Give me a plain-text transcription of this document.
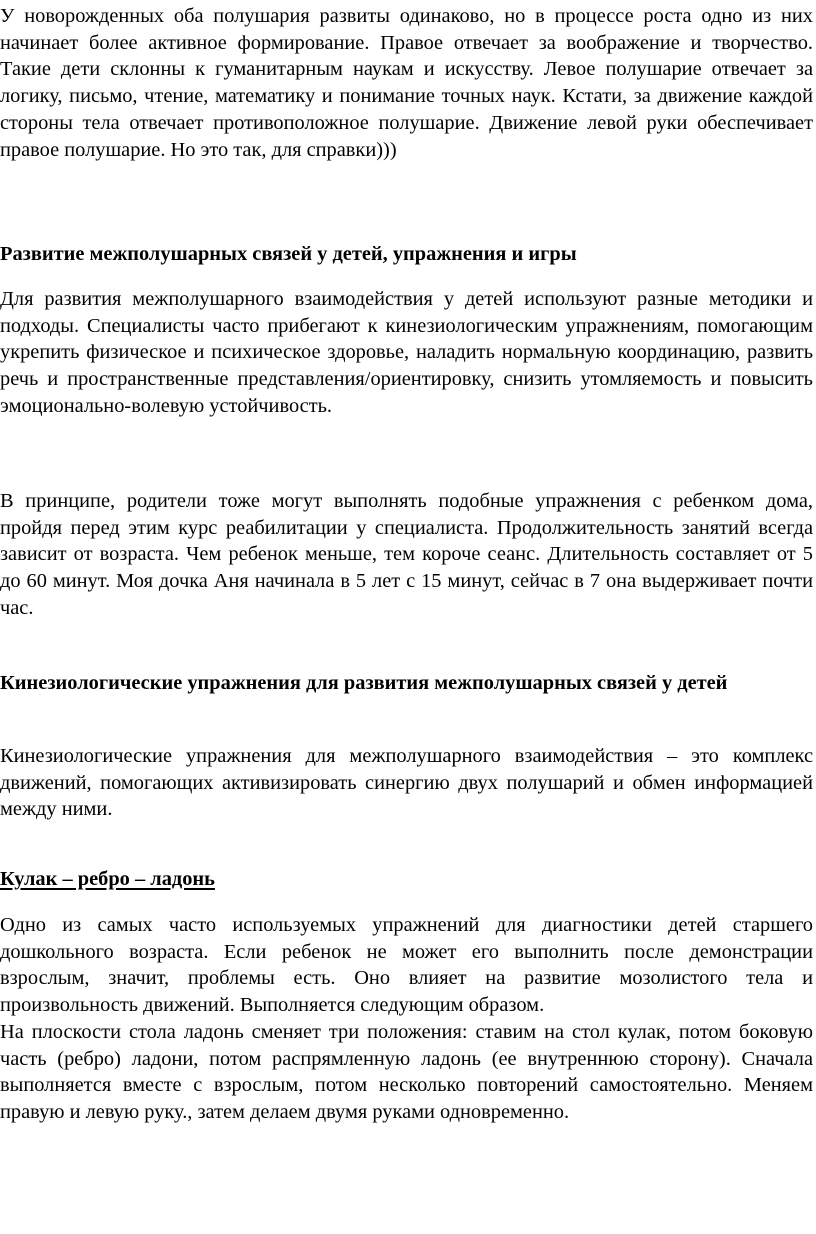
У новорожденных оба полушария развиты одинаково, но в процессе роста одно из них начинает более активное формирование. Правое отвечает за воображение и творчество. Такие дети склонны к гуманитарным наукам и искусству. Левое полушарие отвечает за логику, письмо, чтение, математику и понимание точных наук. Кстати, за движение каждой стороны тела отвечает противоположное полушарие. Движение левой руки обеспечивает правое полушарие. Но это так, для справки)))

Развитие межполушарных связей у детей, упражнения и игры

Для развития межполушарного взаимодействия у детей используют разные методики и подходы. Специалисты часто прибегают к кинезиологическим упражнениям, помогающим укрепить физическое и психическое здоровье, наладить нормальную координацию, развить речь и пространственные представления/ориентировку, снизить утомляемость и повысить эмоционально-волевую устойчивость.

В принципе, родители тоже могут выполнять подобные упражнения с ребенком дома, пройдя перед этим курс реабилитации у специалиста. Продолжительность занятий всегда зависит от возраста. Чем ребенок меньше, тем короче сеанс. Длительность составляет от 5 до 60 минут. Моя дочка Аня начинала в 5 лет с 15 минут, сейчас в 7 она выдерживает почти час.

Кинезиологические упражнения для развития межполушарных связей у детей

Кинезиологические упражнения для межполушарного взаимодействия – это комплекс движений, помогающих активизировать синергию двух полушарий и обмен информацией между ними.

Кулак – ребро – ладонь

Одно из самых часто используемых упражнений для диагностики детей старшего дошкольного возраста. Если ребенок не может его выполнить после демонстрации взрослым, значит, проблемы есть. Оно влияет на развитие мозолистого тела и произвольность движений. Выполняется следующим образом.

На плоскости стола ладонь сменяет три положения: ставим на стол кулак, потом боковую часть (ребро) ладони, потом распрямленную ладонь (ее внутреннюю сторону). Сначала выполняется вместе с взрослым, потом несколько повторений самостоятельно. Меняем правую и левую руку., затем делаем двумя руками одновременно.
